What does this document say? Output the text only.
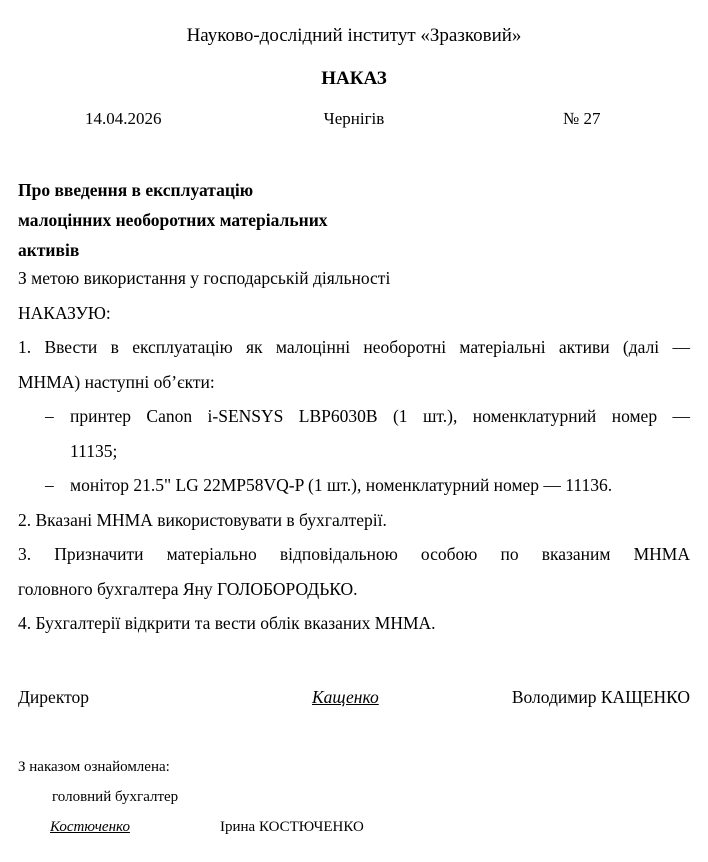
Науково-дослідний інститут «Зразковий»
НАКАЗ
14.04.2026	Чернігів	№ 27
Про введення в експлуатацію
малоцінних необоротних матеріальних
активів
З метою використання у господарській діяльності
НАКАЗУЮ:
1. Ввести в експлуатацію як малоцінні необоротні матеріальні активи (далі —
МНМА) наступні об’єкти:
– принтер Canon i-SENSYS LBP6030B (1 шт.), номенклатурний номер —
11135;
– монітор 21.5" LG 22MP58VQ-P (1 шт.), номенклатурний номер — 11136.
2. Вказані МНМА використовувати в бухгалтерії.
3. Призначити матеріально відповідальною особою по вказаним МНМА
головного бухгалтера Яну ГОЛОБОРОДЬКО.
4. Бухгалтерії відкрити та вести облік вказаних МНМА.
Директор	Кащенко	Володимир КАЩЕНКО
З наказом ознайомлена:
головний бухгалтер
Костюченко	Ірина КОСТЮЧЕНКО
